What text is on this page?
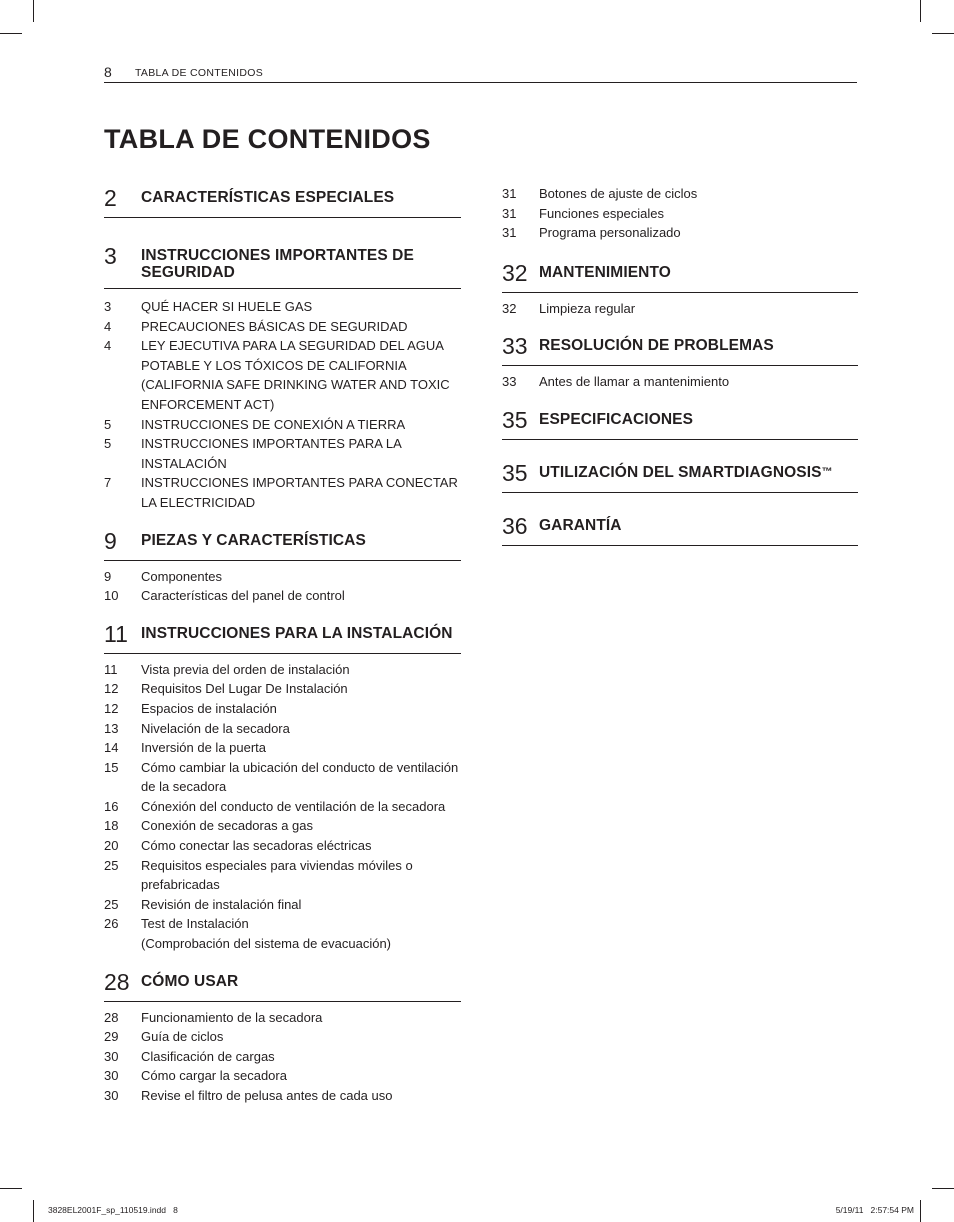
8 TABLA DE CONTENIDOS
TABLA DE CONTENIDOS
2	CARACTERÍSTICAS ESPECIALES
3	INSTRUCCIONES IMPORTANTES DE
SEGURIDAD
3	QUÉ HACER SI HUELE GAS
4	PRECAUCIONES BÁSICAS DE SEGURIDAD
4	LEY EJECUTIVA PARA LA SEGURIDAD DEL AGUA POTABLE Y LOS TÓXICOS DE CALIFORNIA (CALIFORNIA SAFE DRINKING WATER AND TOXIC ENFORCEMENT ACT)
5	INSTRUCCIONES DE CONEXIÓN A TIERRA
5	INSTRUCCIONES IMPORTANTES PARA LA INSTALACIÓN
7	INSTRUCCIONES IMPORTANTES PARA CONECTAR LA ELECTRICIDAD
9	PIEZAS Y CARACTERÍSTICAS
9	Componentes
10	Características del panel de control
11 INSTRUCCIONES PARA LA INSTALACIÓN
11	Vista previa del orden de instalación
12	Requisitos Del Lugar De Instalación
12	Espacios de instalación
13	Nivelación de la secadora
14	Inversión de la puerta
15	Cómo cambiar la ubicación del conducto de ventilación de la secadora
16	Cónexión del conducto de ventilación de la secadora
18	Conexión de secadoras a gas
20	Cómo conectar las secadoras eléctricas
25	Requisitos especiales para viviendas móviles o prefabricadas
25	Revisión de instalación final
26	Test de Instalación
(Comprobación del sistema de evacuación)
28 CÓMO USAR
28	Funcionamiento de la secadora
29	Guía de ciclos
30	Clasificación de cargas
30	Cómo cargar la secadora
30	Revise el filtro de pelusa antes de cada uso
31	Botones de ajuste de ciclos
31	Funciones especiales
31	Programa personalizado
32 MANTENIMIENTO
32	Limpieza regular
33 RESOLUCIÓN DE PROBLEMAS
33	Antes de llamar a mantenimiento
35 ESPECIFICACIONES
35 UTILIZACIÓN DEL SMARTDIAGNOSIS™
36 GARANTÍA
3828EL2001F_sp_110519.indd   8	5/19/11   2:57:54 PM
